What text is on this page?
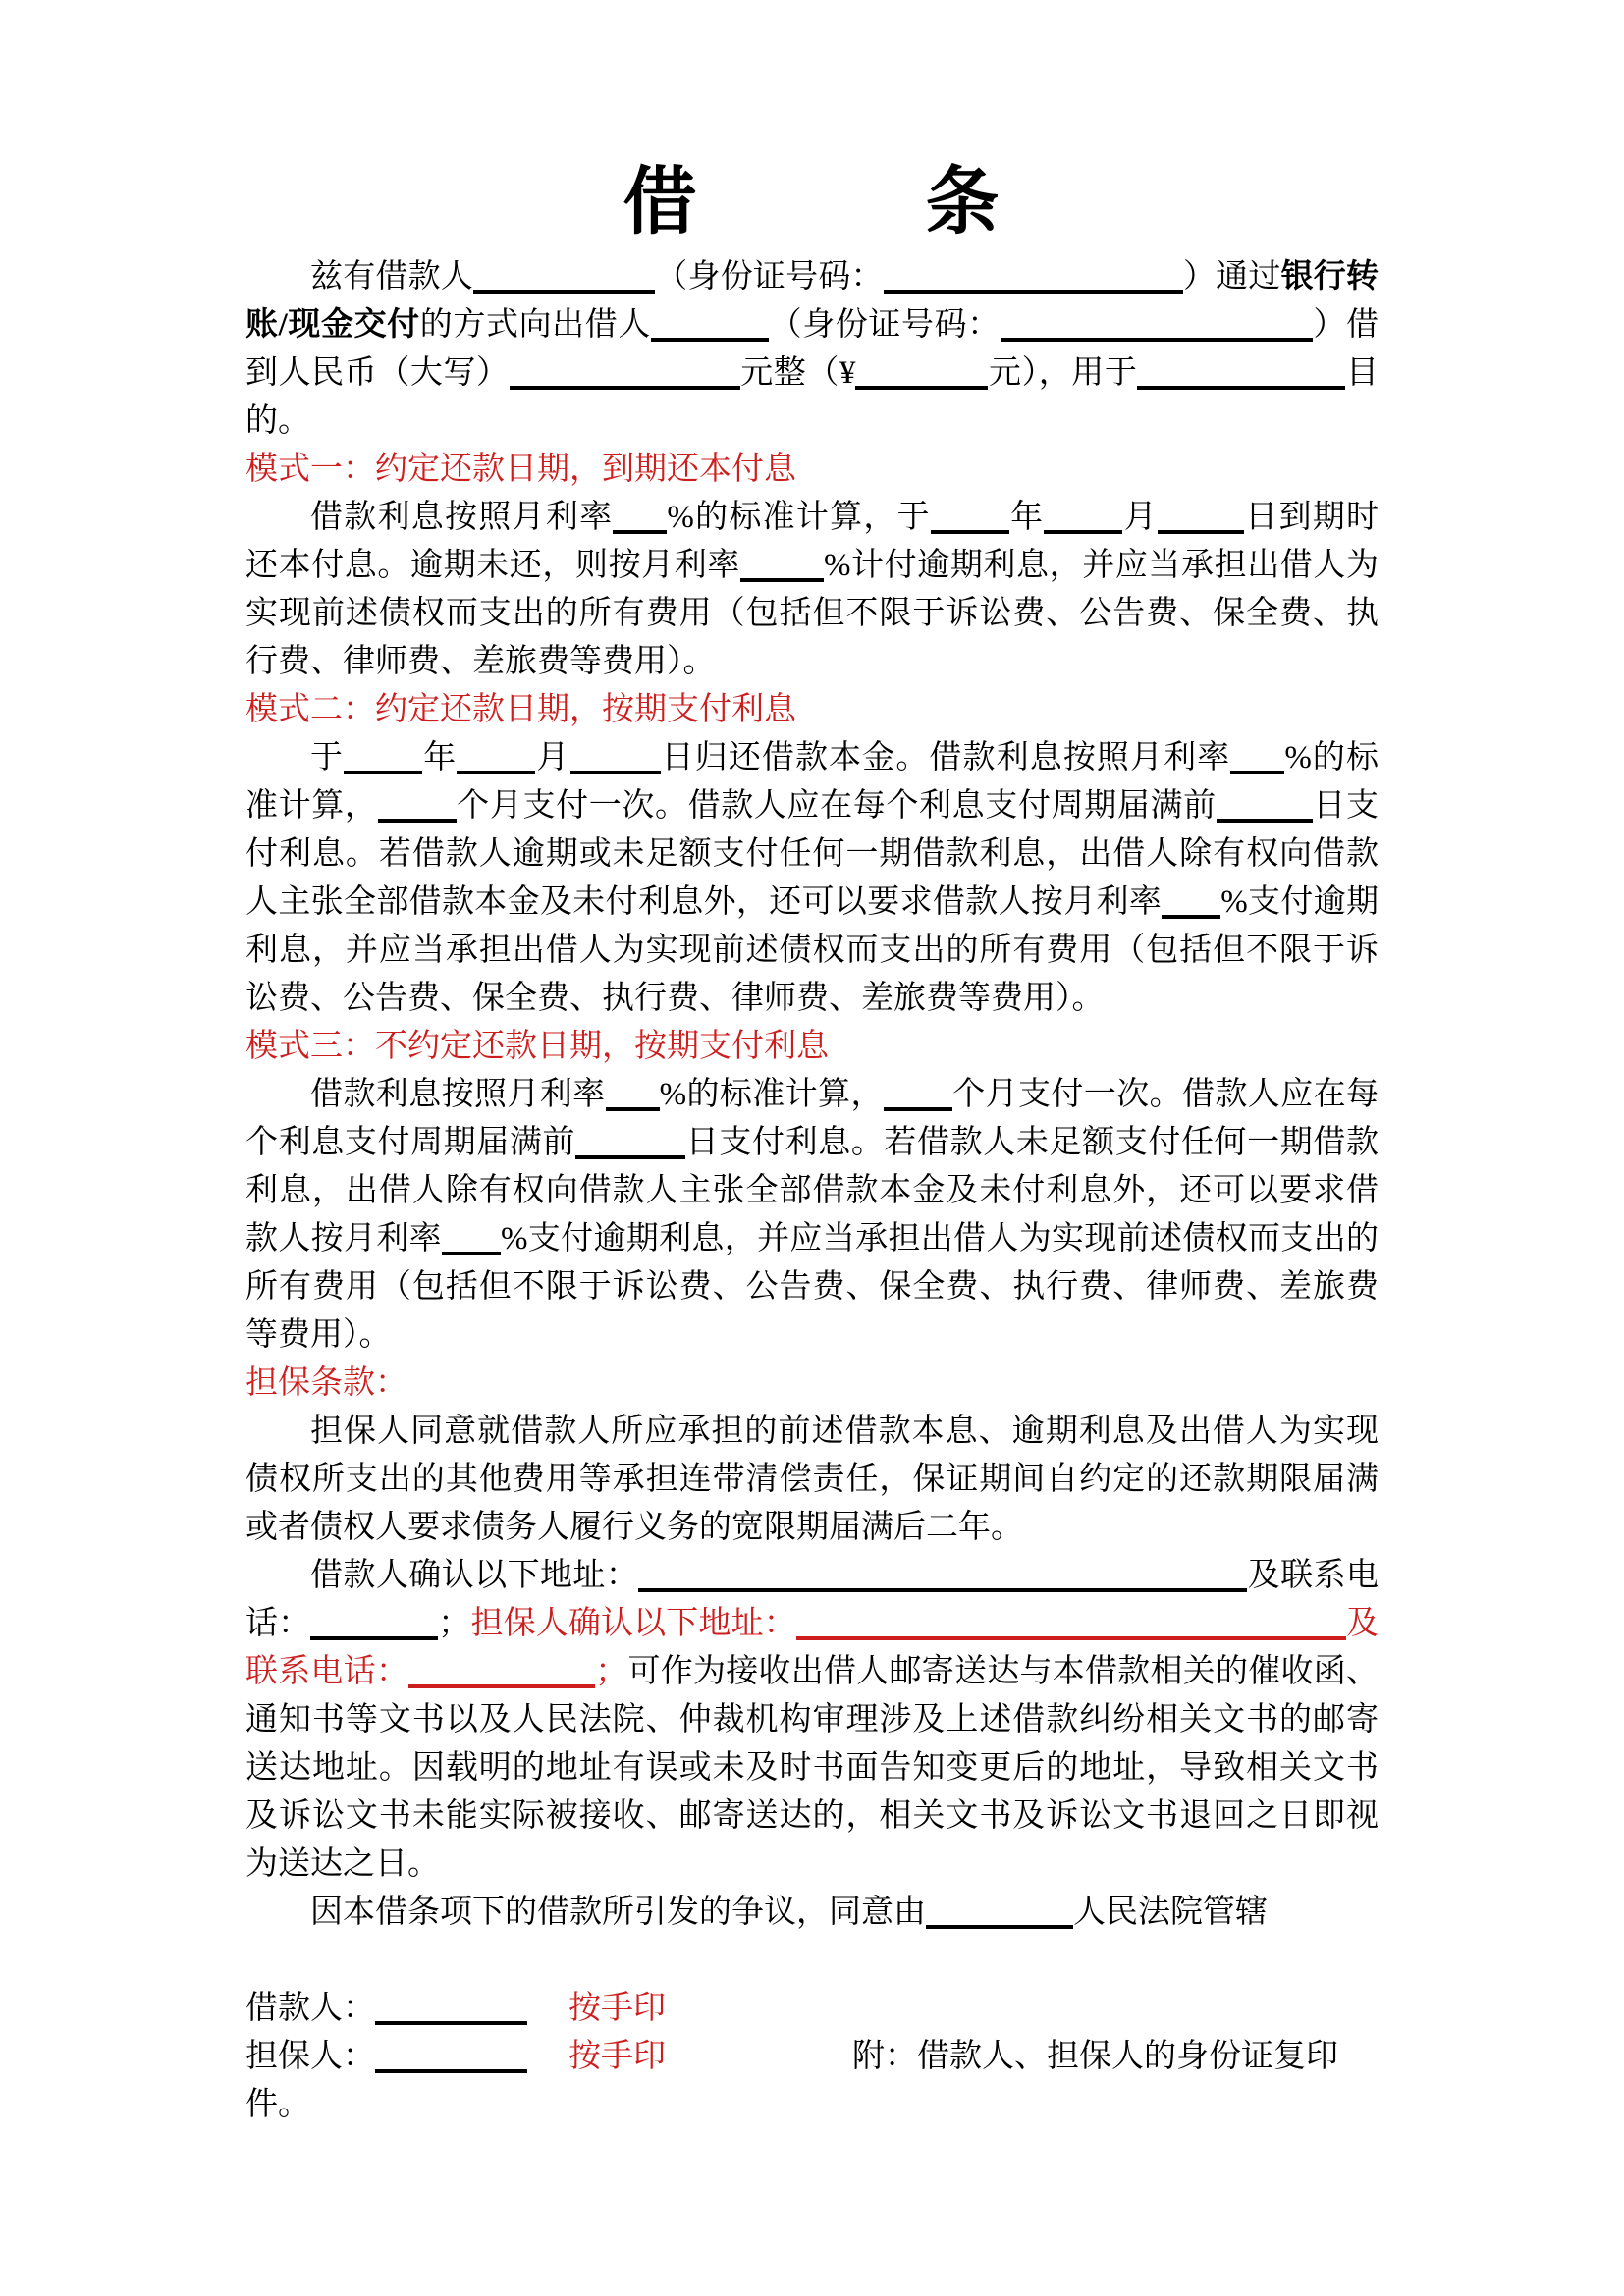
借　　　条

兹有借款人	（身份证号码：	）通过银行转账/现金交付的方式向出借人	（身份证号码：	）借到人民币（大写）	元整（¥	元），用于	目的。

模式一：约定还款日期，到期还本付息

借款利息按照月利率 %的标准计算，于 年 月	日到期时还本付息。逾期未还，则按月利率	%计付逾期利息，并应当承担出借人为实现前述债权而支出的所有费用（包括但不限于诉讼费、公告费、保全费、执行费、律师费、差旅费等费用）。

模式二：约定还款日期，按期支付利息

于 年 月	日归还借款本金。借款利息按照月利率 %的标准计算， 个月支付一次。借款人应在每个利息支付周期届满前	日支付利息。若借款人逾期或未足额支付任何一期借款利息，出借人除有权向借款人主张全部借款本金及未付利息外，还可以要求借款人按月利率 %支付逾期利息，并应当承担出借人为实现前述债权而支出的所有费用（包括但不限于诉讼费、公告费、保全费、执行费、律师费、差旅费等费用）。

模式三：不约定还款日期，按期支付利息

借款利息按照月利率 %的标准计算， 个月支付一次。借款人应在每个利息支付周期届满前	日支付利息。若借款人未足额支付任何一期借款利息，出借人除有权向借款人主张全部借款本金及未付利息外，还可以要求借款人按月利率 %支付逾期利息，并应当承担出借人为实现前述债权而支出的所有费用（包括但不限于诉讼费、公告费、保全费、执行费、律师费、差旅费等费用）。

担保条款：

担保人同意就借款人所应承担的前述借款本息、逾期利息及出借人为实现债权所支出的其他费用等承担连带清偿责任，保证期间自约定的还款期限届满或者债权人要求债务人履行义务的宽限期届满后二年。

借款人确认以下地址：	及联系电话：	；担保人确认以下地址：	及联系电话：	；可作为接收出借人邮寄送达与本借款相关的催收函、通知书等文书以及人民法院、仲裁机构审理涉及上述借款纠纷相关文书的邮寄送达地址。因载明的地址有误或未及时书面告知变更后的地址，导致相关文书及诉讼文书未能实际被接收、邮寄送达的，相关文书及诉讼文书退回之日即视为送达之日。

因本借条项下的借款所引发的争议，同意由	人民法院管辖

借款人：	按手印

担保人：	按手印	附：借款人、担保人的身份证复印件。
